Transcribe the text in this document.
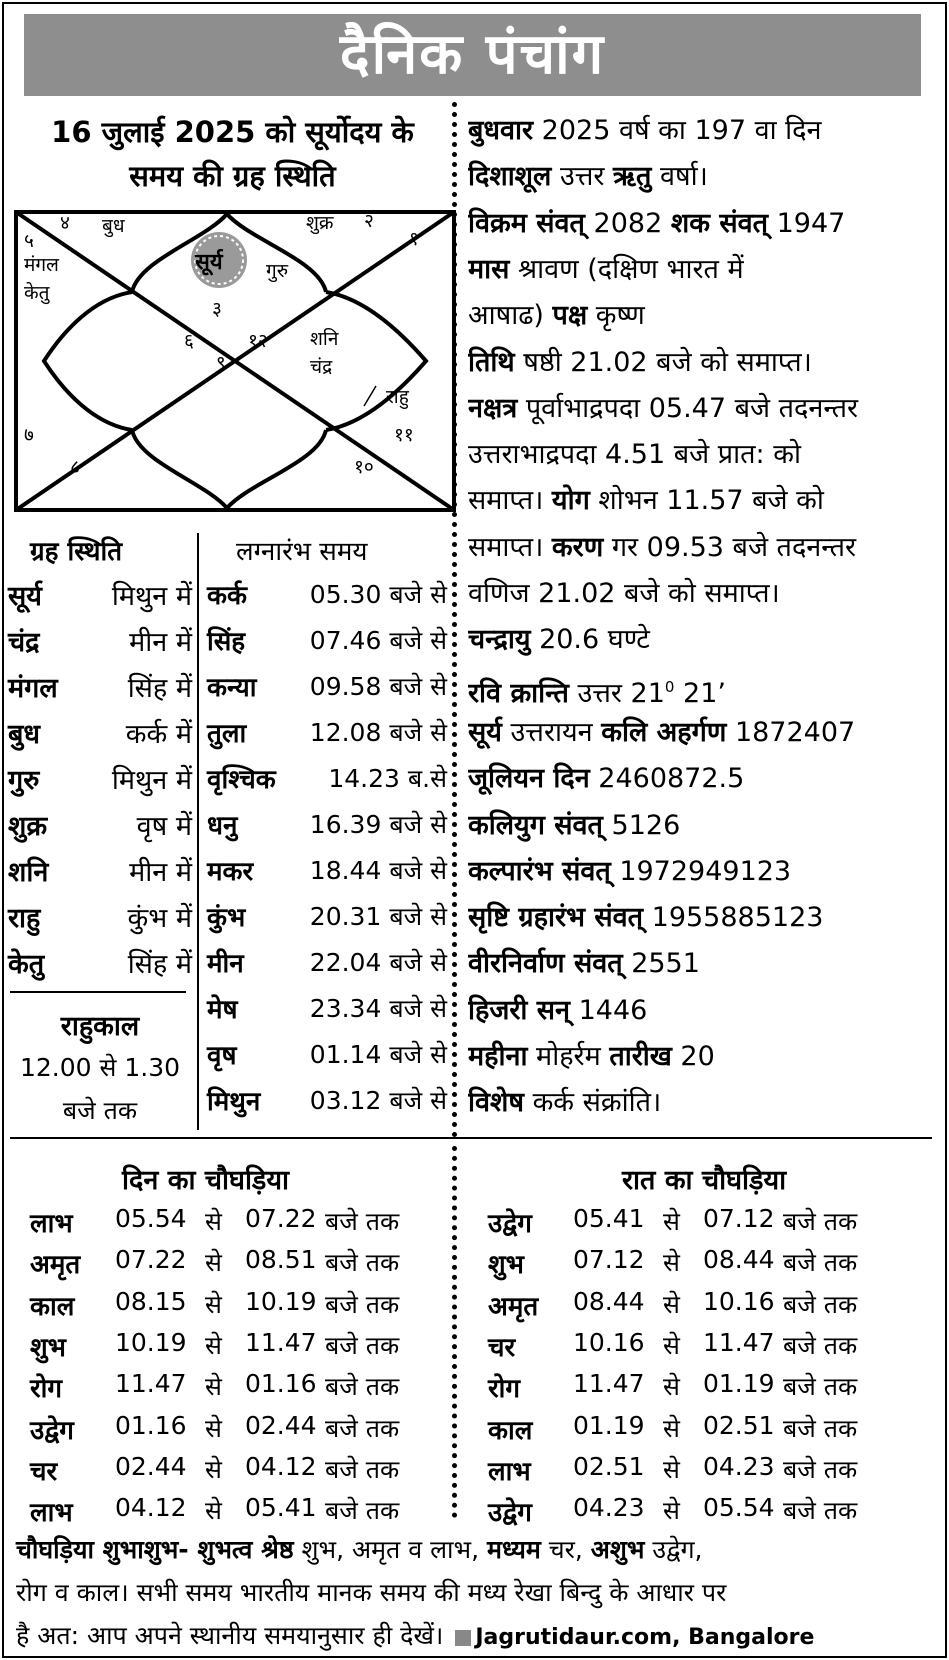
दैनिक पंचांग
16 जुलाई 2025 को सूर्योदय के
समय की ग्रह स्थिति
४ बुध	शुक्र २
१
५
मंगल
केतु
सूर्य गुरु
३
६	१२ शनि
चंद्र
९
राहु
७	११
८	१०
ग्रह स्थिति	लग्नारंभ समय
सूर्य	मिथुन में
चंद्र	मीन में
मंगल	सिंह में
बुध	कर्क में
गुरु	मिथुन में
शुक्र	वृष में
शनि	मीन में
राहु	कुंभ में
केतु	सिंह में
राहुकाल
12.00 से 1.30
बजे तक
कर्क	05.30 बजे से
सिंह	07.46 बजे से
कन्या 09.58 बजे से
तुला	12.08 बजे से
वृश्चिक 14.23 ब.से
धनु	16.39 बजे से
मकर 18.44 बजे से
कुंभ	20.31 बजे से
मीन	22.04 बजे से
मेष	23.34 बजे से
वृष	01.14 बजे से
मिथुन 03.12 बजे से
बुधवार 2025 वर्ष का 197 वा दिन
दिशाशूल उत्तर ऋतु वर्षा।
विक्रम संवत् 2082 शक संवत् 1947
मास श्रावण (दक्षिण भारत में
आषाढ) पक्ष कृष्ण
तिथि षष्ठी 21.02 बजे को समाप्त।
नक्षत्र पूर्वाभाद्रपदा 05.47 बजे तदनन्तर
उत्तराभाद्रपदा 4.51 बजे प्रात: को
समाप्त। योग शोभन 11.57 बजे को
समाप्त। करण गर 09.53 बजे तदनन्तर
वणिज 21.02 बजे को समाप्त।
चन्द्रायु 20.6 घण्टे
रवि क्रान्ति उत्तर $21^0$ 21’
सूर्य उत्तरायन कलि अहर्गण 1872407
जूलियन दिन 2460872.5
कलियुग संवत् 5126
कल्पारंभ संवत् 1972949123
सृष्टि ग्रहारंभ संवत् 1955885123
वीरनिर्वाण संवत् 2551
हिजरी सन् 1446
महीना मोहर्रम तारीख 20
विशेष कर्क संक्रांति।
दिन का चौघड़िया	रात का चौघड़िया
लाभ 05.54 से 07.22 बजे तक
अमृत 07.22 से 08.51 बजे तक
काल 08.15 से 10.19 बजे तक
शुभ 10.19 से 11.47 बजे तक
रोग 11.47 से 01.16 बजे तक
उद्वेग 01.16 से 02.44 बजे तक
चर 02.44 से 04.12 बजे तक
लाभ 04.12 से 05.41 बजे तक
उद्वेग 05.41 से 07.12 बजे तक
शुभ 07.12 से 08.44 बजे तक
अमृत 08.44 से 10.16 बजे तक
चर 10.16 से 11.47 बजे तक
रोग 11.47 से 01.19 बजे तक
काल 01.19 से 02.51 बजे तक
लाभ 02.51 से 04.23 बजे तक
उद्वेग 04.23 से 05.54 बजे तक
चौघड़िया शुभाशुभ- शुभत्व श्रेष्ठ शुभ, अमृत व लाभ, मध्यम चर, अशुभ उद्वेग,
रोग व काल। सभी समय भारतीय मानक समय की मध्य रेखा बिन्दु के आधार पर
है अत: आप अपने स्थानीय समयानुसार ही देखें। Jagrutidaur.com, Bangalore
